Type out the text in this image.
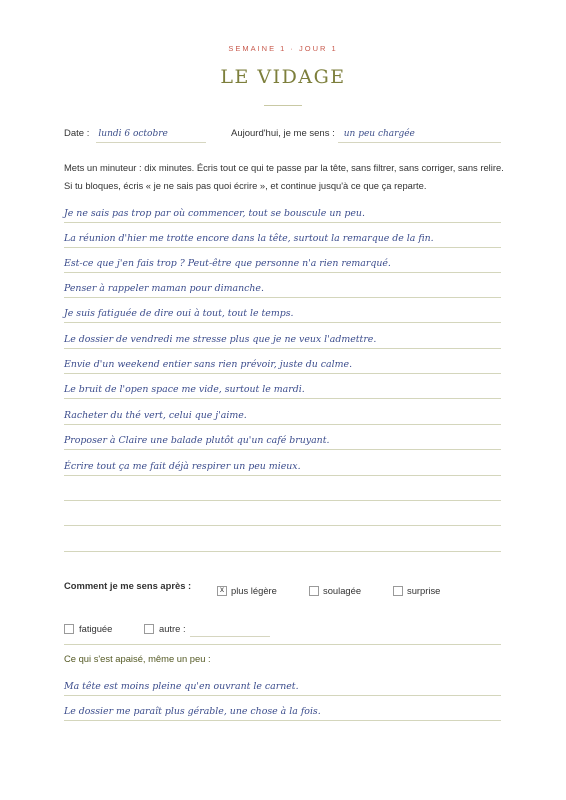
SEMAINE 1 · JOUR 1
LE VIDAGE
Date : lundi 6 octobre	Aujourd'hui, je me sens : un peu chargée
Mets un minuteur : dix minutes. Écris tout ce qui te passe par la tête, sans filtrer, sans corriger, sans relire. Si tu bloques, écris « je ne sais pas quoi écrire », et continue jusqu'à ce que ça reparte.
Je ne sais pas trop par où commencer, tout se bouscule un peu.
La réunion d'hier me trotte encore dans la tête, surtout la remarque de la fin.
Est-ce que j'en fais trop ? Peut-être que personne n'a rien remarqué.
Penser à rappeler maman pour dimanche.
Je suis fatiguée de dire oui à tout, tout le temps.
Le dossier de vendredi me stresse plus que je ne veux l'admettre.
Envie d'un weekend entier sans rien prévoir, juste du calme.
Le bruit de l'open space me vide, surtout le mardi.
Racheter du thé vert, celui que j'aime.
Proposer à Claire une balade plutôt qu'un café bruyant.
Écrire tout ça me fait déjà respirer un peu mieux.
Comment je me sens après :	x plus légère	soulagée	surprise
fatiguée	autre :
Ce qui s'est apaisé, même un peu :
Ma tête est moins pleine qu'en ouvrant le carnet.
Le dossier me paraît plus gérable, une chose à la fois.
